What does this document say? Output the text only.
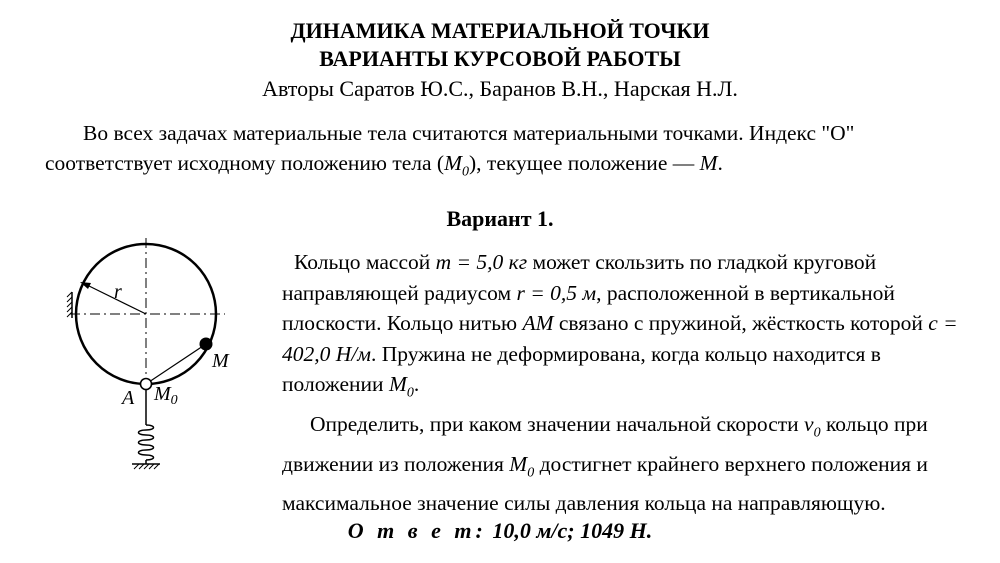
ДИНАМИКА МАТЕРИАЛЬНОЙ ТОЧКИ
ВАРИАНТЫ КУРСОВОЙ РАБОТЫ
Авторы Саратов Ю.С., Баранов В.Н., Нарская Н.Л.
Во всех задачах материальные тела считаются материальными точками. Индекс "О" соответствует исходному положению тела $(M_0)$, текущее положение — M.
Вариант 1.
r
M
A $M_0$

Кольцо массой m = 5,0 кг может скользить по гладкой круговой направляющей радиусом r = 0,5 м, расположенной в вертикальной плоскости. Кольцо нитью AM связано с пружиной, жёсткость которой c = 402,0 Н/м. Пружина не деформирована, когда кольцо находится в положении $M_0$.

Определить, при каком значении начальной скорости $v_0$ кольцо при движении из положения $M_0$ достигнет крайнего верхнего положения и максимальное значение силы давления кольца на направляющую.

О т в е т: 10,0 м/с; 1049 Н.
